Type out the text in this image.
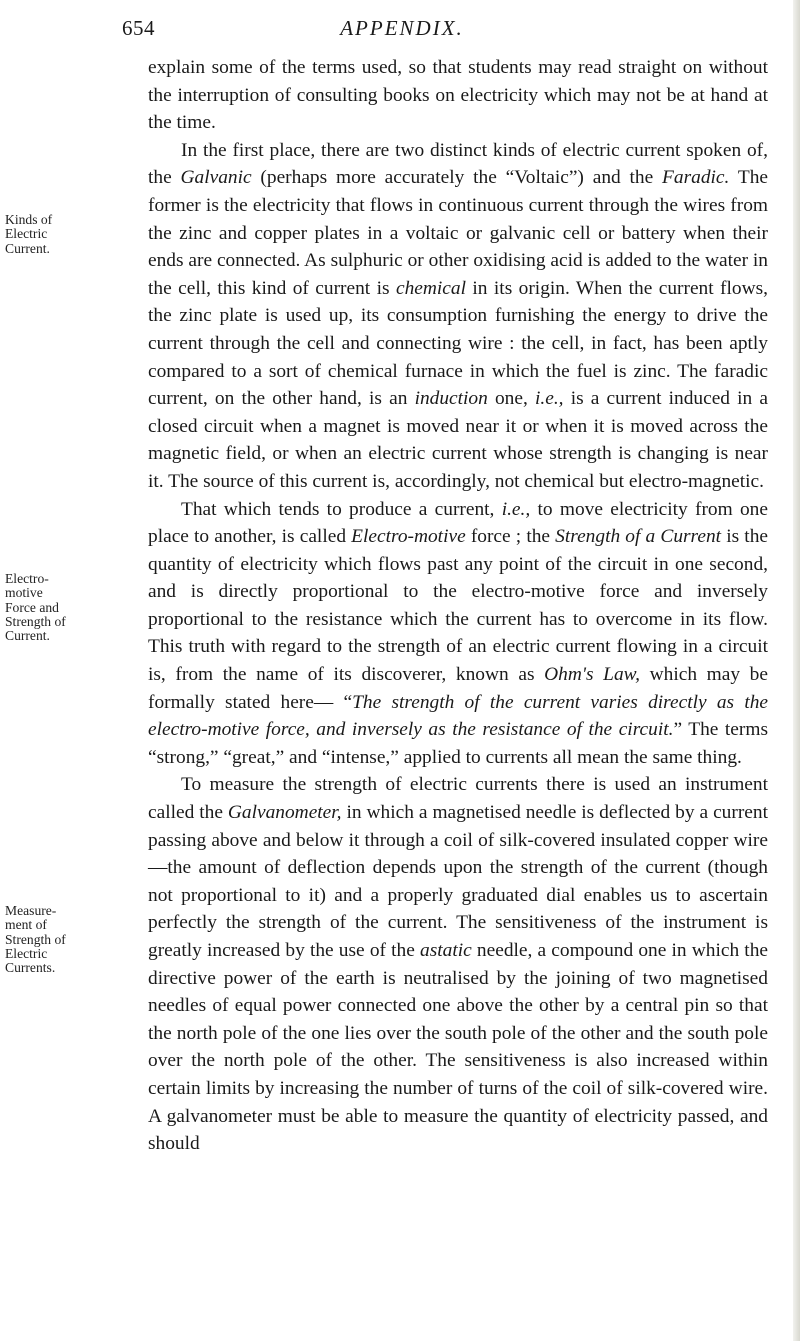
654	APPENDIX.
Kinds of
Electric
Current.
Electro-
motive
Force and
Strength of
Current.
Measure-
ment of
Strength of
Electric
Currents.

explain some of the terms used, so that students may read straight on without the interruption of consulting books on electricity which may not be at hand at the time.

In the first place, there are two distinct kinds of electric current spoken of, the Galvanic (perhaps more accurately the “Voltaic”) and the Faradic. The former is the electricity that flows in continuous current through the wires from the zinc and copper plates in a voltaic or galvanic cell or battery when their ends are connected. As sulphuric or other oxidising acid is added to the water in the cell, this kind of current is chemical in its origin. When the current flows, the zinc plate is used up, its consumption furnishing the energy to drive the current through the cell and connecting wire : the cell, in fact, has been aptly compared to a sort of chemical furnace in which the fuel is zinc. The faradic current, on the other hand, is an induction one, i.e., is a current induced in a closed circuit when a magnet is moved near it or when it is moved across the magnetic field, or when an electric current whose strength is changing is near it. The source of this current is, accordingly, not chemical but electro-magnetic.

That which tends to produce a current, i.e., to move electricity from one place to another, is called Electro-motive force ; the Strength of a Current is the quantity of electricity which flows past any point of the circuit in one second, and is directly proportional to the electro-motive force and inversely proportional to the resistance which the current has to overcome in its flow. This truth with regard to the strength of an electric current flowing in a circuit is, from the name of its discoverer, known as Ohm's Law, which may be formally stated here— “The strength of the current varies directly as the electro-motive force, and inversely as the resistance of the circuit.” The terms “strong,” “great,” and “intense,” applied to currents all mean the same thing.

To measure the strength of electric currents there is used an instrument called the Galvanometer, in which a magnetised needle is deflected by a current passing above and below it through a coil of silk-covered insulated copper wire—the amount of deflection depends upon the strength of the current (though not proportional to it) and a properly graduated dial enables us to ascertain perfectly the strength of the current. The sensitiveness of the instrument is greatly increased by the use of the astatic needle, a compound one in which the directive power of the earth is neutralised by the joining of two magnetised needles of equal power connected one above the other by a central pin so that the north pole of the one lies over the south pole of the other and the south pole over the north pole of the other. The sensitiveness is also increased within certain limits by increasing the number of turns of the coil of silk-covered wire. A galvanometer must be able to measure the quantity of electricity passed, and should
